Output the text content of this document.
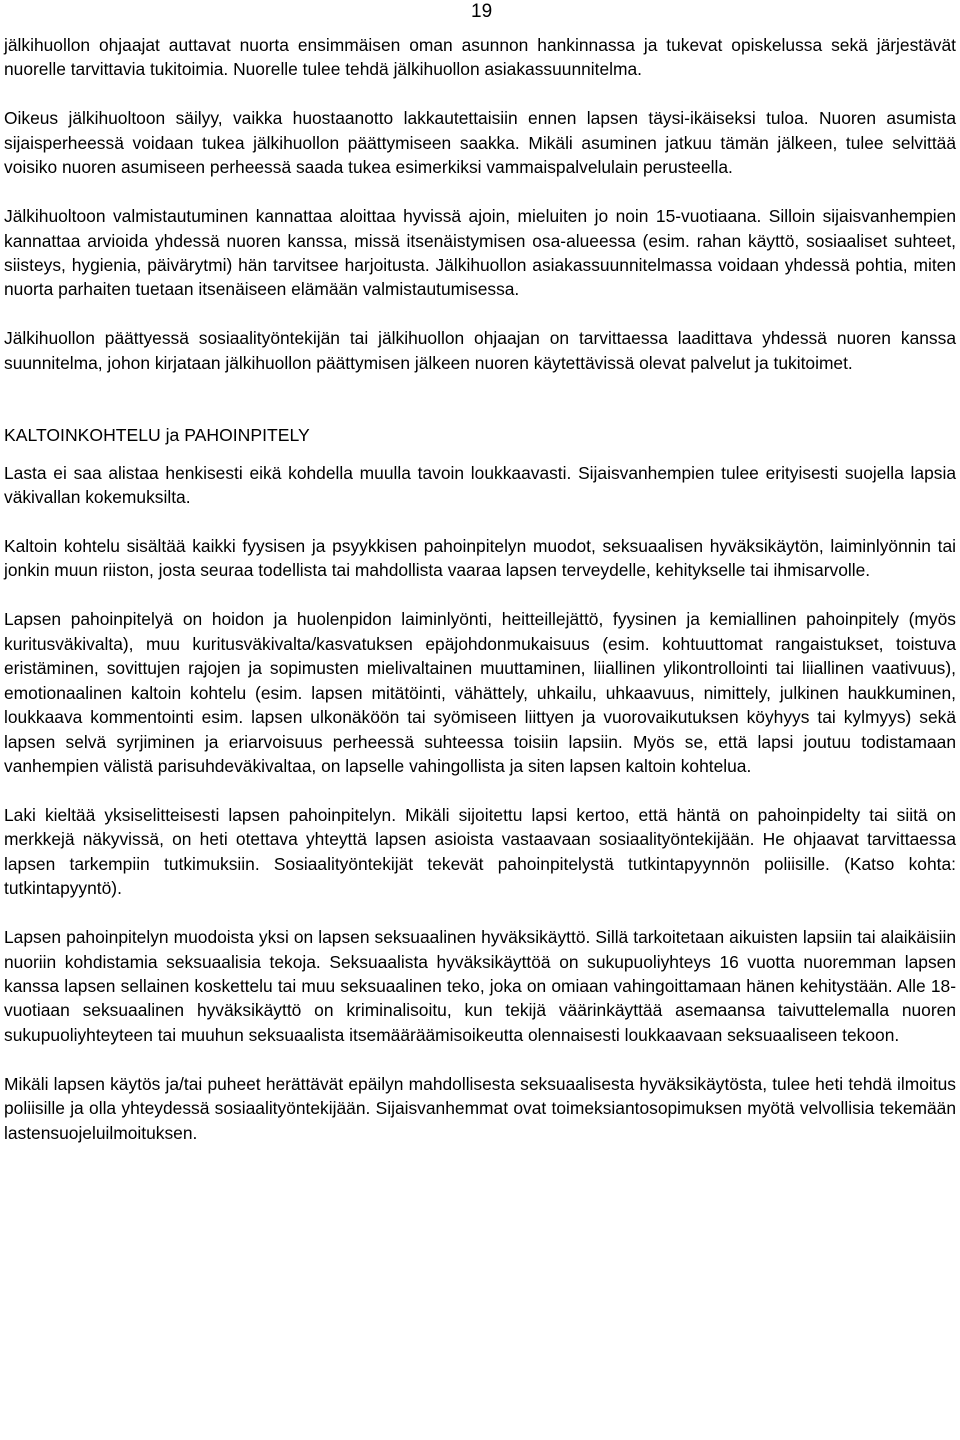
19

jälkihuollon ohjaajat auttavat nuorta ensimmäisen oman asunnon hankinnassa ja tukevat opiskelussa sekä järjestävät nuorelle tarvittavia tukitoimia. Nuorelle tulee tehdä jälkihuollon asiakassuunnitelma.

Oikeus jälkihuoltoon säilyy, vaikka huostaanotto lakkautettaisiin ennen lapsen täysi-ikäiseksi tuloa. Nuoren asumista sijaisperheessä voidaan tukea jälkihuollon päättymiseen saakka. Mikäli asuminen jatkuu tämän jälkeen, tulee selvittää voisiko nuoren asumiseen perheessä saada tukea esimerkiksi vammaispalvelulain perusteella.

Jälkihuoltoon valmistautuminen kannattaa aloittaa hyvissä ajoin, mieluiten jo noin 15-vuotiaana. Silloin sijaisvanhempien kannattaa arvioida yhdessä nuoren kanssa, missä itsenäistymisen osa-alueessa (esim. rahan käyttö, sosiaaliset suhteet, siisteys, hygienia, päivärytmi) hän tarvitsee harjoitusta. Jälkihuollon asiakassuunnitelmassa voidaan yhdessä pohtia, miten nuorta parhaiten tuetaan itsenäiseen elämään valmistautumisessa.

Jälkihuollon päättyessä sosiaalityöntekijän tai jälkihuollon ohjaajan on tarvittaessa laadittava yhdessä nuoren kanssa suunnitelma, johon kirjataan jälkihuollon päättymisen jälkeen nuoren käytettävissä olevat palvelut ja tukitoimet.

KALTOINKOHTELU ja PAHOINPITELY

Lasta ei saa alistaa henkisesti eikä kohdella muulla tavoin loukkaavasti. Sijaisvanhempien tulee erityisesti suojella lapsia väkivallan kokemuksilta.

Kaltoin kohtelu sisältää kaikki fyysisen ja psyykkisen pahoinpitelyn muodot, seksuaalisen hyväksikäytön, laiminlyönnin tai jonkin muun riiston, josta seuraa todellista tai mahdollista vaaraa lapsen terveydelle, kehitykselle tai ihmisarvolle.

Lapsen pahoinpitelyä on hoidon ja huolenpidon laiminlyönti, heitteillejättö, fyysinen ja kemiallinen pahoinpitely (myös kuritusväkivalta), muu kuritusväkivalta/kasvatuksen epäjohdonmukaisuus (esim. kohtuuttomat rangaistukset, toistuva eristäminen, sovittujen rajojen ja sopimusten mielivaltainen muuttaminen, liiallinen ylikontrollointi tai liiallinen vaativuus), emotionaalinen kaltoin kohtelu (esim. lapsen mitätöinti, vähättely, uhkailu, uhkaavuus, nimittely, julkinen haukkuminen, loukkaava kommentointi esim. lapsen ulkonäköön tai syömiseen liittyen ja vuorovaikutuksen köyhyys tai kylmyys) sekä lapsen selvä syrjiminen ja eriarvoisuus perheessä suhteessa toisiin lapsiin. Myös se, että lapsi joutuu todistamaan vanhempien välistä parisuhdeväkivaltaa, on lapselle vahingollista ja siten lapsen kaltoin kohtelua.

Laki kieltää yksiselitteisesti lapsen pahoinpitelyn. Mikäli sijoitettu lapsi kertoo, että häntä on pahoinpidelty tai siitä on merkkejä näkyvissä, on heti otettava yhteyttä lapsen asioista vastaavaan sosiaalityöntekijään. He ohjaavat tarvittaessa lapsen tarkempiin tutkimuksiin. Sosiaalityöntekijät tekevät pahoinpitelystä tutkintapyynnön poliisille. (Katso kohta: tutkintapyyntö).

Lapsen pahoinpitelyn muodoista yksi on lapsen seksuaalinen hyväksikäyttö. Sillä tarkoitetaan aikuisten lapsiin tai alaikäisiin nuoriin kohdistamia seksuaalisia tekoja. Seksuaalista hyväksikäyttöä on sukupuoliyhteys 16 vuotta nuoremman lapsen kanssa lapsen sellainen koskettelu tai muu seksuaalinen teko, joka on omiaan vahingoittamaan hänen kehitystään. Alle 18-vuotiaan seksuaalinen hyväksikäyttö on kriminalisoitu, kun tekijä väärinkäyttää asemaansa taivuttelemalla nuoren sukupuoliyhteyteen tai muuhun seksuaalista itsemääräämisoikeutta olennaisesti loukkaavaan seksuaaliseen tekoon.

Mikäli lapsen käytös ja/tai puheet herättävät epäilyn mahdollisesta seksuaalisesta hyväksikäytösta, tulee heti tehdä ilmoitus poliisille ja olla yhteydessä sosiaalityöntekijään. Sijaisvanhemmat ovat toimeksiantosopimuksen myötä velvollisia tekemään lastensuojeluilmoituksen.
